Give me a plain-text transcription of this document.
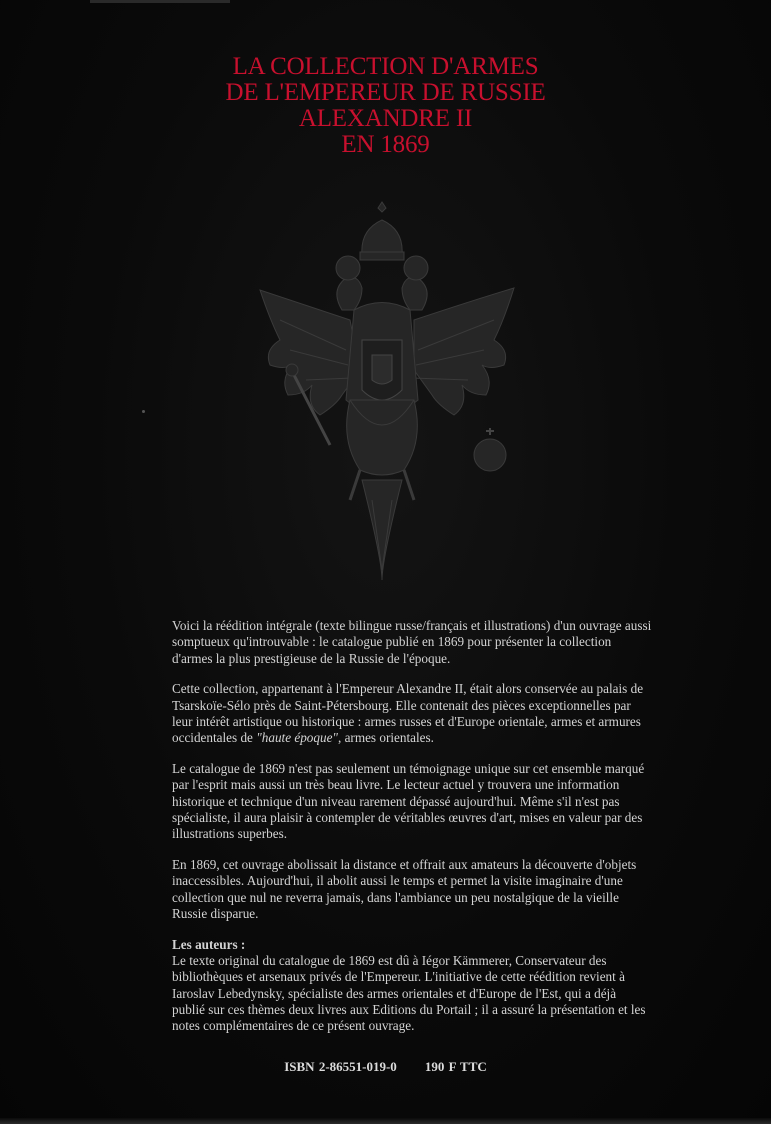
LA COLLECTION D'ARMES
DE L'EMPEREUR DE RUSSIE
ALEXANDRE II
EN 1869

Voici la réédition intégrale (texte bilingue russe/français et illustrations) d'un ouvrage aussi somptueux qu'introuvable : le catalogue publié en 1869 pour présenter la collection d'armes la plus prestigieuse de la Russie de l'époque.

Cette collection, appartenant à l'Empereur Alexandre II, était alors conservée au palais de Tsarskoïe-Sélo près de Saint-Pétersbourg. Elle contenait des pièces exceptionnelles par leur intérêt artistique ou historique : armes russes et d'Europe orientale, armes et armures occidentales de "haute époque", armes orientales.

Le catalogue de 1869 n'est pas seulement un témoignage unique sur cet ensemble marqué par l'esprit mais aussi un très beau livre. Le lecteur actuel y trouvera une information historique et technique d'un niveau rarement dépassé aujourd'hui. Même s'il n'est pas spécialiste, il aura plaisir à contempler de véritables œuvres d'art, mises en valeur par des illustrations superbes.

En 1869, cet ouvrage abolissait la distance et offrait aux amateurs la découverte d'objets inaccessibles. Aujourd'hui, il abolit aussi le temps et permet la visite imaginaire d'une collection que nul ne reverra jamais, dans l'ambiance un peu nostalgique de la vieille Russie disparue.

Les auteurs :
Le texte original du catalogue de 1869 est dû à Iégor Kämmerer, Conservateur des bibliothèques et arsenaux privés de l'Empereur. L'initiative de cette réédition revient à Iaroslav Lebedynsky, spécialiste des armes orientales et d'Europe de l'Est, qui a déjà publié sur ces thèmes deux livres aux Editions du Portail ; il a assuré la présentation et les notes complémentaires de ce présent ouvrage.

ISBN 2-86551-019-0 190 F TTC
